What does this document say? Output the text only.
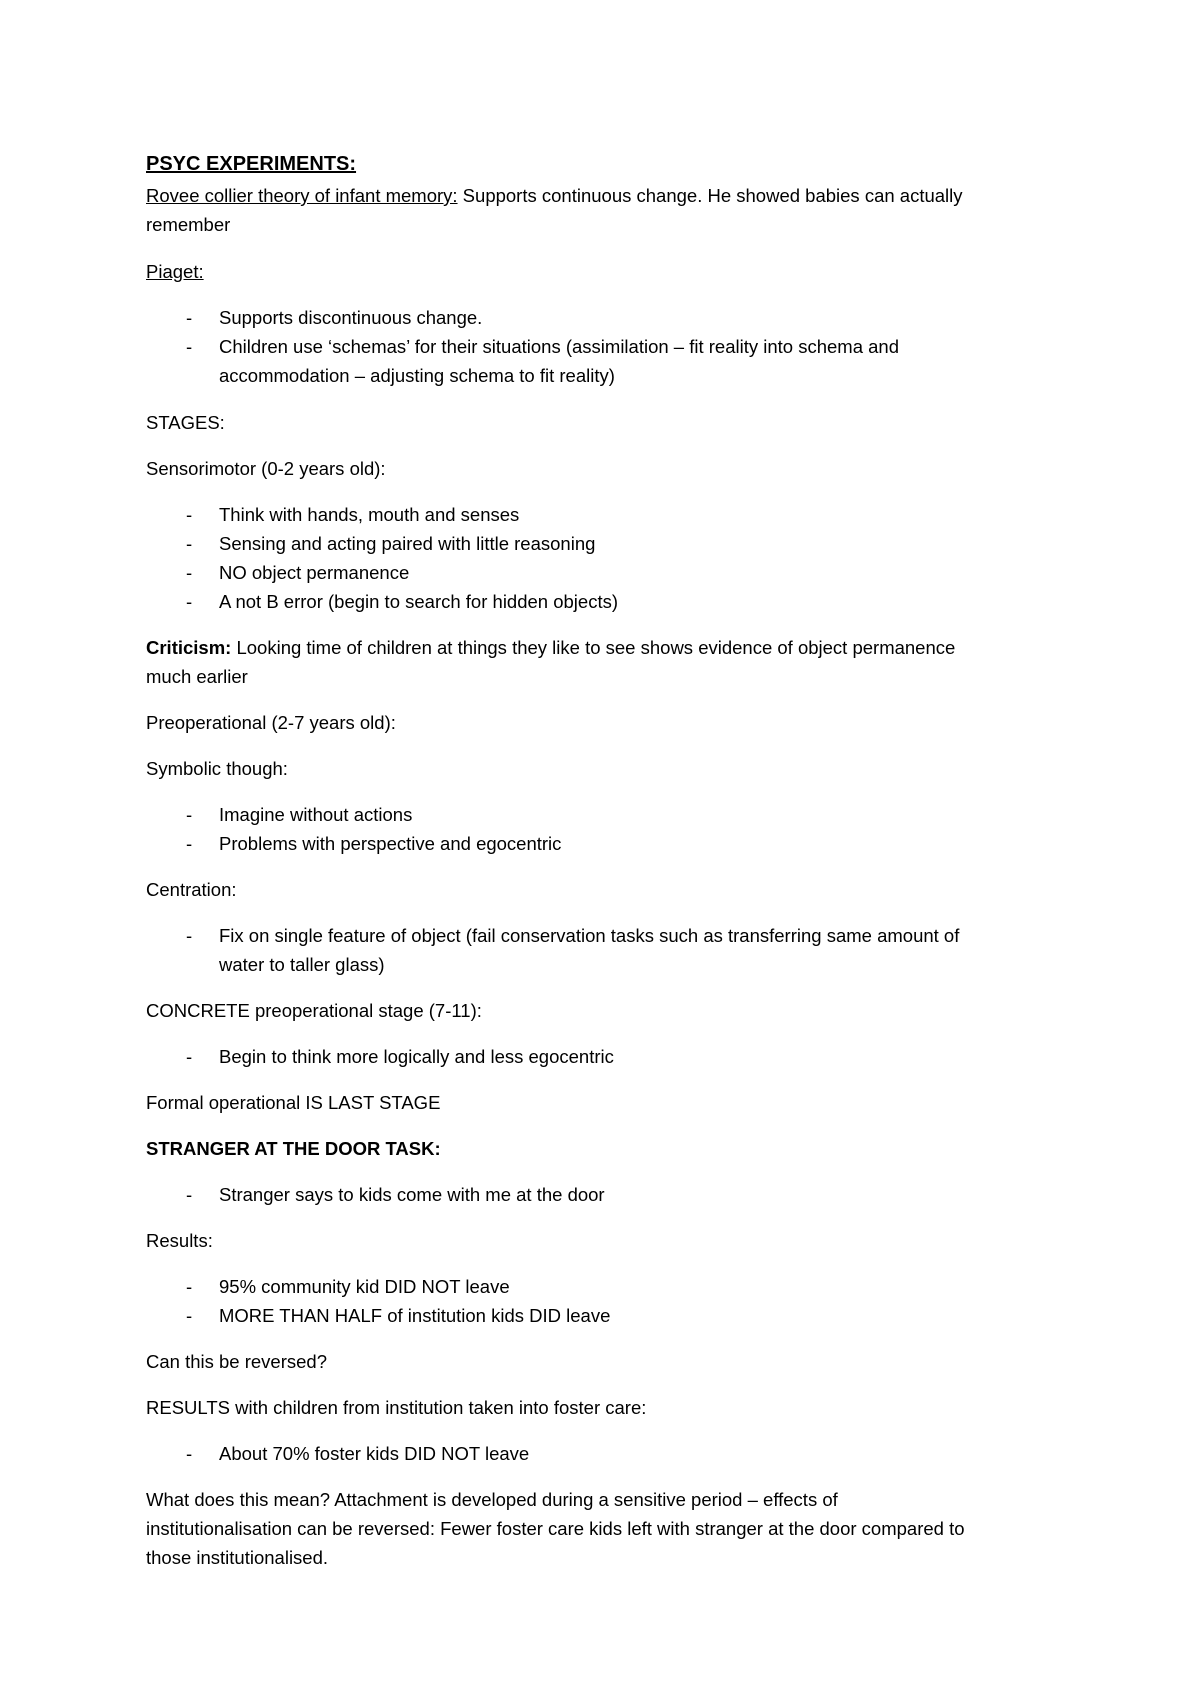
PSYC EXPERIMENTS:
Rovee collier theory of infant memory: Supports continuous change. He showed babies can actually
remember
Piaget:
- Supports discontinuous change.
- Children use ‘schemas’ for their situations (assimilation – fit reality into schema and
accommodation – adjusting schema to fit reality)
STAGES:
Sensorimotor (0-2 years old):
- Think with hands, mouth and senses
- Sensing and acting paired with little reasoning
- NO object permanence
- A not B error (begin to search for hidden objects)
Criticism: Looking time of children at things they like to see shows evidence of object permanence
much earlier
Preoperational (2-7 years old):
Symbolic though:
- Imagine without actions
- Problems with perspective and egocentric
Centration:
- Fix on single feature of object (fail conservation tasks such as transferring same amount of
water to taller glass)
CONCRETE preoperational stage (7-11):
- Begin to think more logically and less egocentric
Formal operational IS LAST STAGE
STRANGER AT THE DOOR TASK:
- Stranger says to kids come with me at the door
Results:
- 95% community kid DID NOT leave
- MORE THAN HALF of institution kids DID leave
Can this be reversed?
RESULTS with children from institution taken into foster care:
- About 70% foster kids DID NOT leave
What does this mean? Attachment is developed during a sensitive period – effects of
institutionalisation can be reversed: Fewer foster care kids left with stranger at the door compared to
those institutionalised.
